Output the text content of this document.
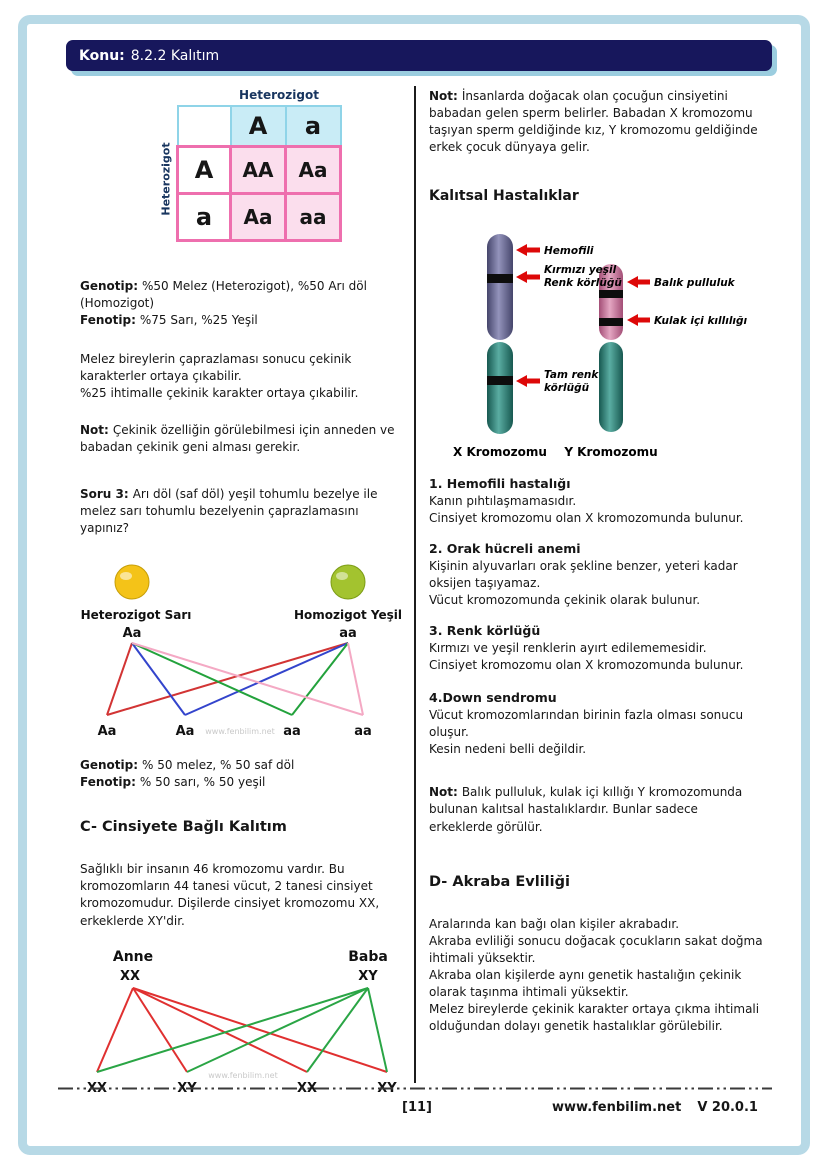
Konu: 8.2.2 Kalıtım
Heterozigot
Heterozigot
	A	a
A	AA	Aa
a	Aa	aa
Genotip: %50 Melez (Heterozigot), %50 Arı döl (Homozigot)
Fenotip: %75 Sarı, %25 Yeşil
Melez bireylerin çaprazlaması sonucu çekinik karakterler ortaya çıkabilir.
%25 ihtimalle çekinik karakter ortaya çıkabilir.
Not: Çekinik özelliğin görülebilmesi için anneden ve babadan çekinik geni alması gerekir.
Soru 3: Arı döl (saf döl) yeşil tohumlu bezelye ile melez sarı tohumlu bezelyenin çaprazlamasını yapınız?
Heterozigot Sarı	Homozigot Yeşil
Aa	aa
Aa	Aa	aa	aa
www.fenbilim.net
Genotip: % 50 melez, % 50 saf döl
Fenotip: % 50 sarı, % 50 yeşil
C- Cinsiyete Bağlı Kalıtım
Sağlıklı bir insanın 46 kromozomu vardır. Bu kromozomların 44 tanesi vücut, 2 tanesi cinsiyet kromozomudur. Dişilerde cinsiyet kromozomu XX, erkeklerde XY'dir.
Anne
XX
Baba
XY
XX	XY	XX	XY
www.fenbilim.net
Not: İnsanlarda doğacak olan çocuğun cinsiyetini babadan gelen sperm belirler. Babadan X kromozomu taşıyan sperm geldiğinde kız, Y kromozomu geldiğinde erkek çocuk dünyaya gelir.
Kalıtsal Hastalıklar
Hemofili
Kırmızı yeşil
Renk körlüğü
Tam renk
körlüğü
Balık pulluluk
Kulak içi kıllılığı
X Kromozomu Y Kromozomu
1. Hemofili hastalığı
Kanın pıhtılaşmamasıdır.
Cinsiyet kromozomu olan X kromozomunda bulunur.
2. Orak hücreli anemi
Kişinin alyuvarları orak şekline benzer, yeteri kadar oksijen taşıyamaz.
Vücut kromozomunda çekinik olarak bulunur.
3. Renk körlüğü
Kırmızı ve yeşil renklerin ayırt edilememesidir.
Cinsiyet kromozomu olan X kromozomunda bulunur.
4.Down sendromu
Vücut kromozomlarından birinin fazla olması sonucu oluşur.
Kesin nedeni belli değildir.
Not: Balık pulluluk, kulak içi kıllığı Y kromozomunda bulunan kalıtsal hastalıklardır. Bunlar sadece erkeklerde görülür.
D- Akraba Evliliği
Aralarında kan bağı olan kişiler akrabadır.
Akraba evliliği sonucu doğacak çocukların sakat doğma ihtimali yüksektir.
Akraba olan kişilerde aynı genetik hastalığın çekinik olarak taşınma ihtimali yüksektir.
Melez bireylerde çekinik karakter ortaya çıkma ihtimali olduğundan dolayı genetik hastalıklar görülebilir.
[11]	www.fenbilim.net V 20.0.1
